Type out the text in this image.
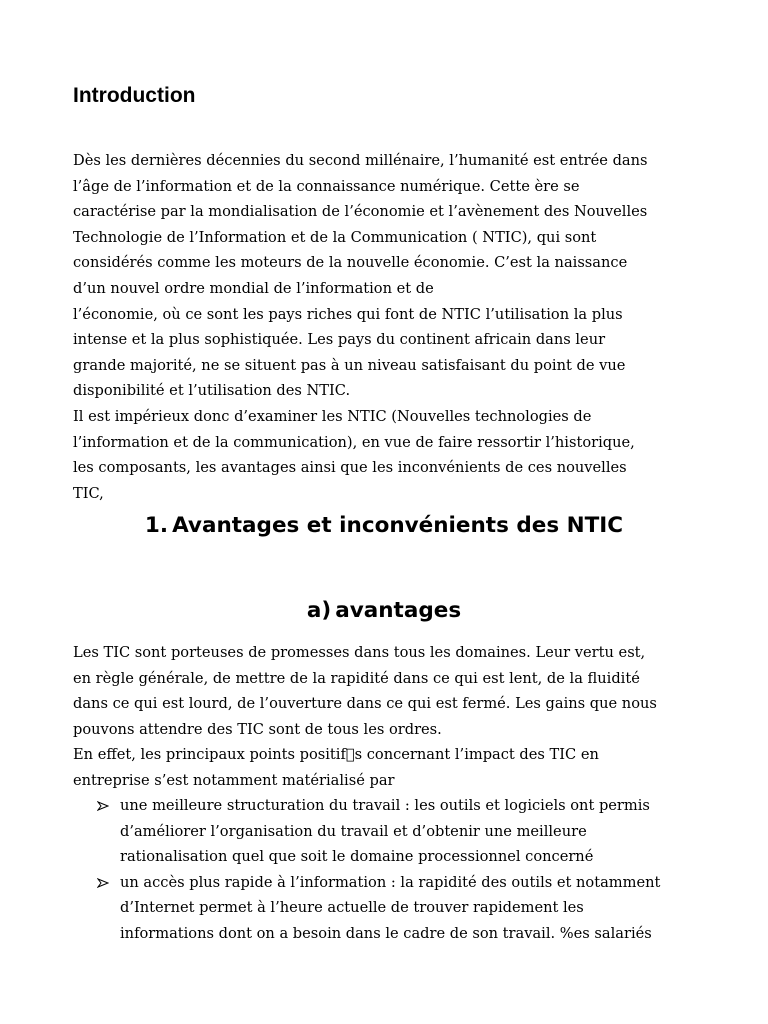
Introduction
Dès les dernières décennies du second millénaire, l’humanité est entrée dans
l’âge de l’information et de la connaissance numérique. Cette ère se
caractérise par la mondialisation de l’économie et l’avènement des Nouvelles
Technologie de l’Information et de la Communication ( NTIC), qui sont
considérés comme les moteurs de la nouvelle économie. C’est la naissance
d’un nouvel ordre mondial de l’information et de
l’économie, où ce sont les pays riches qui font de NTIC l’utilisation la plus
intense et la plus sophistiquée. Les pays du continent africain dans leur
grande majorité, ne se situent pas à un niveau satisfaisant du point de vue
disponibilité et l’utilisation des NTIC.
Il est impérieux donc d’examiner les NTIC (Nouvelles technologies de
l’information et de la communication), en vue de faire ressortir l’historique,
les composants, les avantages ainsi que les inconvénients de ces nouvelles
TIC,
1. Avantages et inconvénients des NTIC
a) avantages
Les TIC sont porteuses de promesses dans tous les domaines. Leur vertu est,
en règle générale, de mettre de la rapidité dans ce qui est lent, de la fluidité
dans ce qui est lourd, de l’ouverture dans ce qui est fermé. Les gains que nous
pouvons attendre des TIC sont de tous les ordres.
En effet, les principaux points positif s concernant l’impact des TIC en
entreprise s’est notamment matérialisé par
une meilleure structuration du travail : les outils et logiciels ont permis
d’améliorer l’organisation du travail et d’obtenir une meilleure
rationalisation quel que soit le domaine processionnel concerné
un accès plus rapide à l’information : la rapidité des outils et notamment
d’Internet permet à l’heure actuelle de trouver rapidement les
informations dont on a besoin dans le cadre de son travail. %es salariés
